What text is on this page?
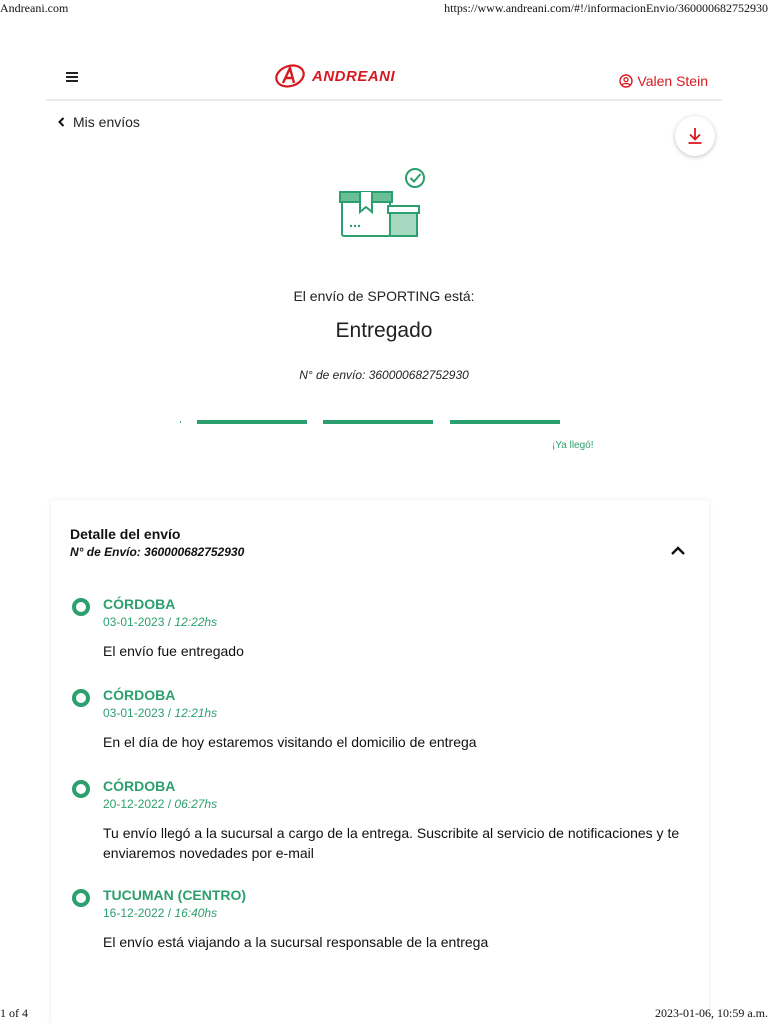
Andreani.com	https://www.andreani.com/#!/informacionEnvio/360000682752930
ANDREANI	Valen Stein
Mis envíos
El envío de SPORTING está:
Entregado
N° de envío: 360000682752930
¡Ya llegó!
Detalle del envío
N° de Envío: 360000682752930
CÓRDOBA
03-01-2023 / 12:22hs
El envío fue entregado
CÓRDOBA
03-01-2023 / 12:21hs
En el día de hoy estaremos visitando el domicilio de entrega
CÓRDOBA
20-12-2022 / 06:27hs
Tu envío llegó a la sucursal a cargo de la entrega. Suscribite al servicio de notificaciones y te enviaremos novedades por e-mail
TUCUMAN (CENTRO)
16-12-2022 / 16:40hs
El envío está viajando a la sucursal responsable de la entrega
1 of 4	2023-01-06, 10:59 a.m.
